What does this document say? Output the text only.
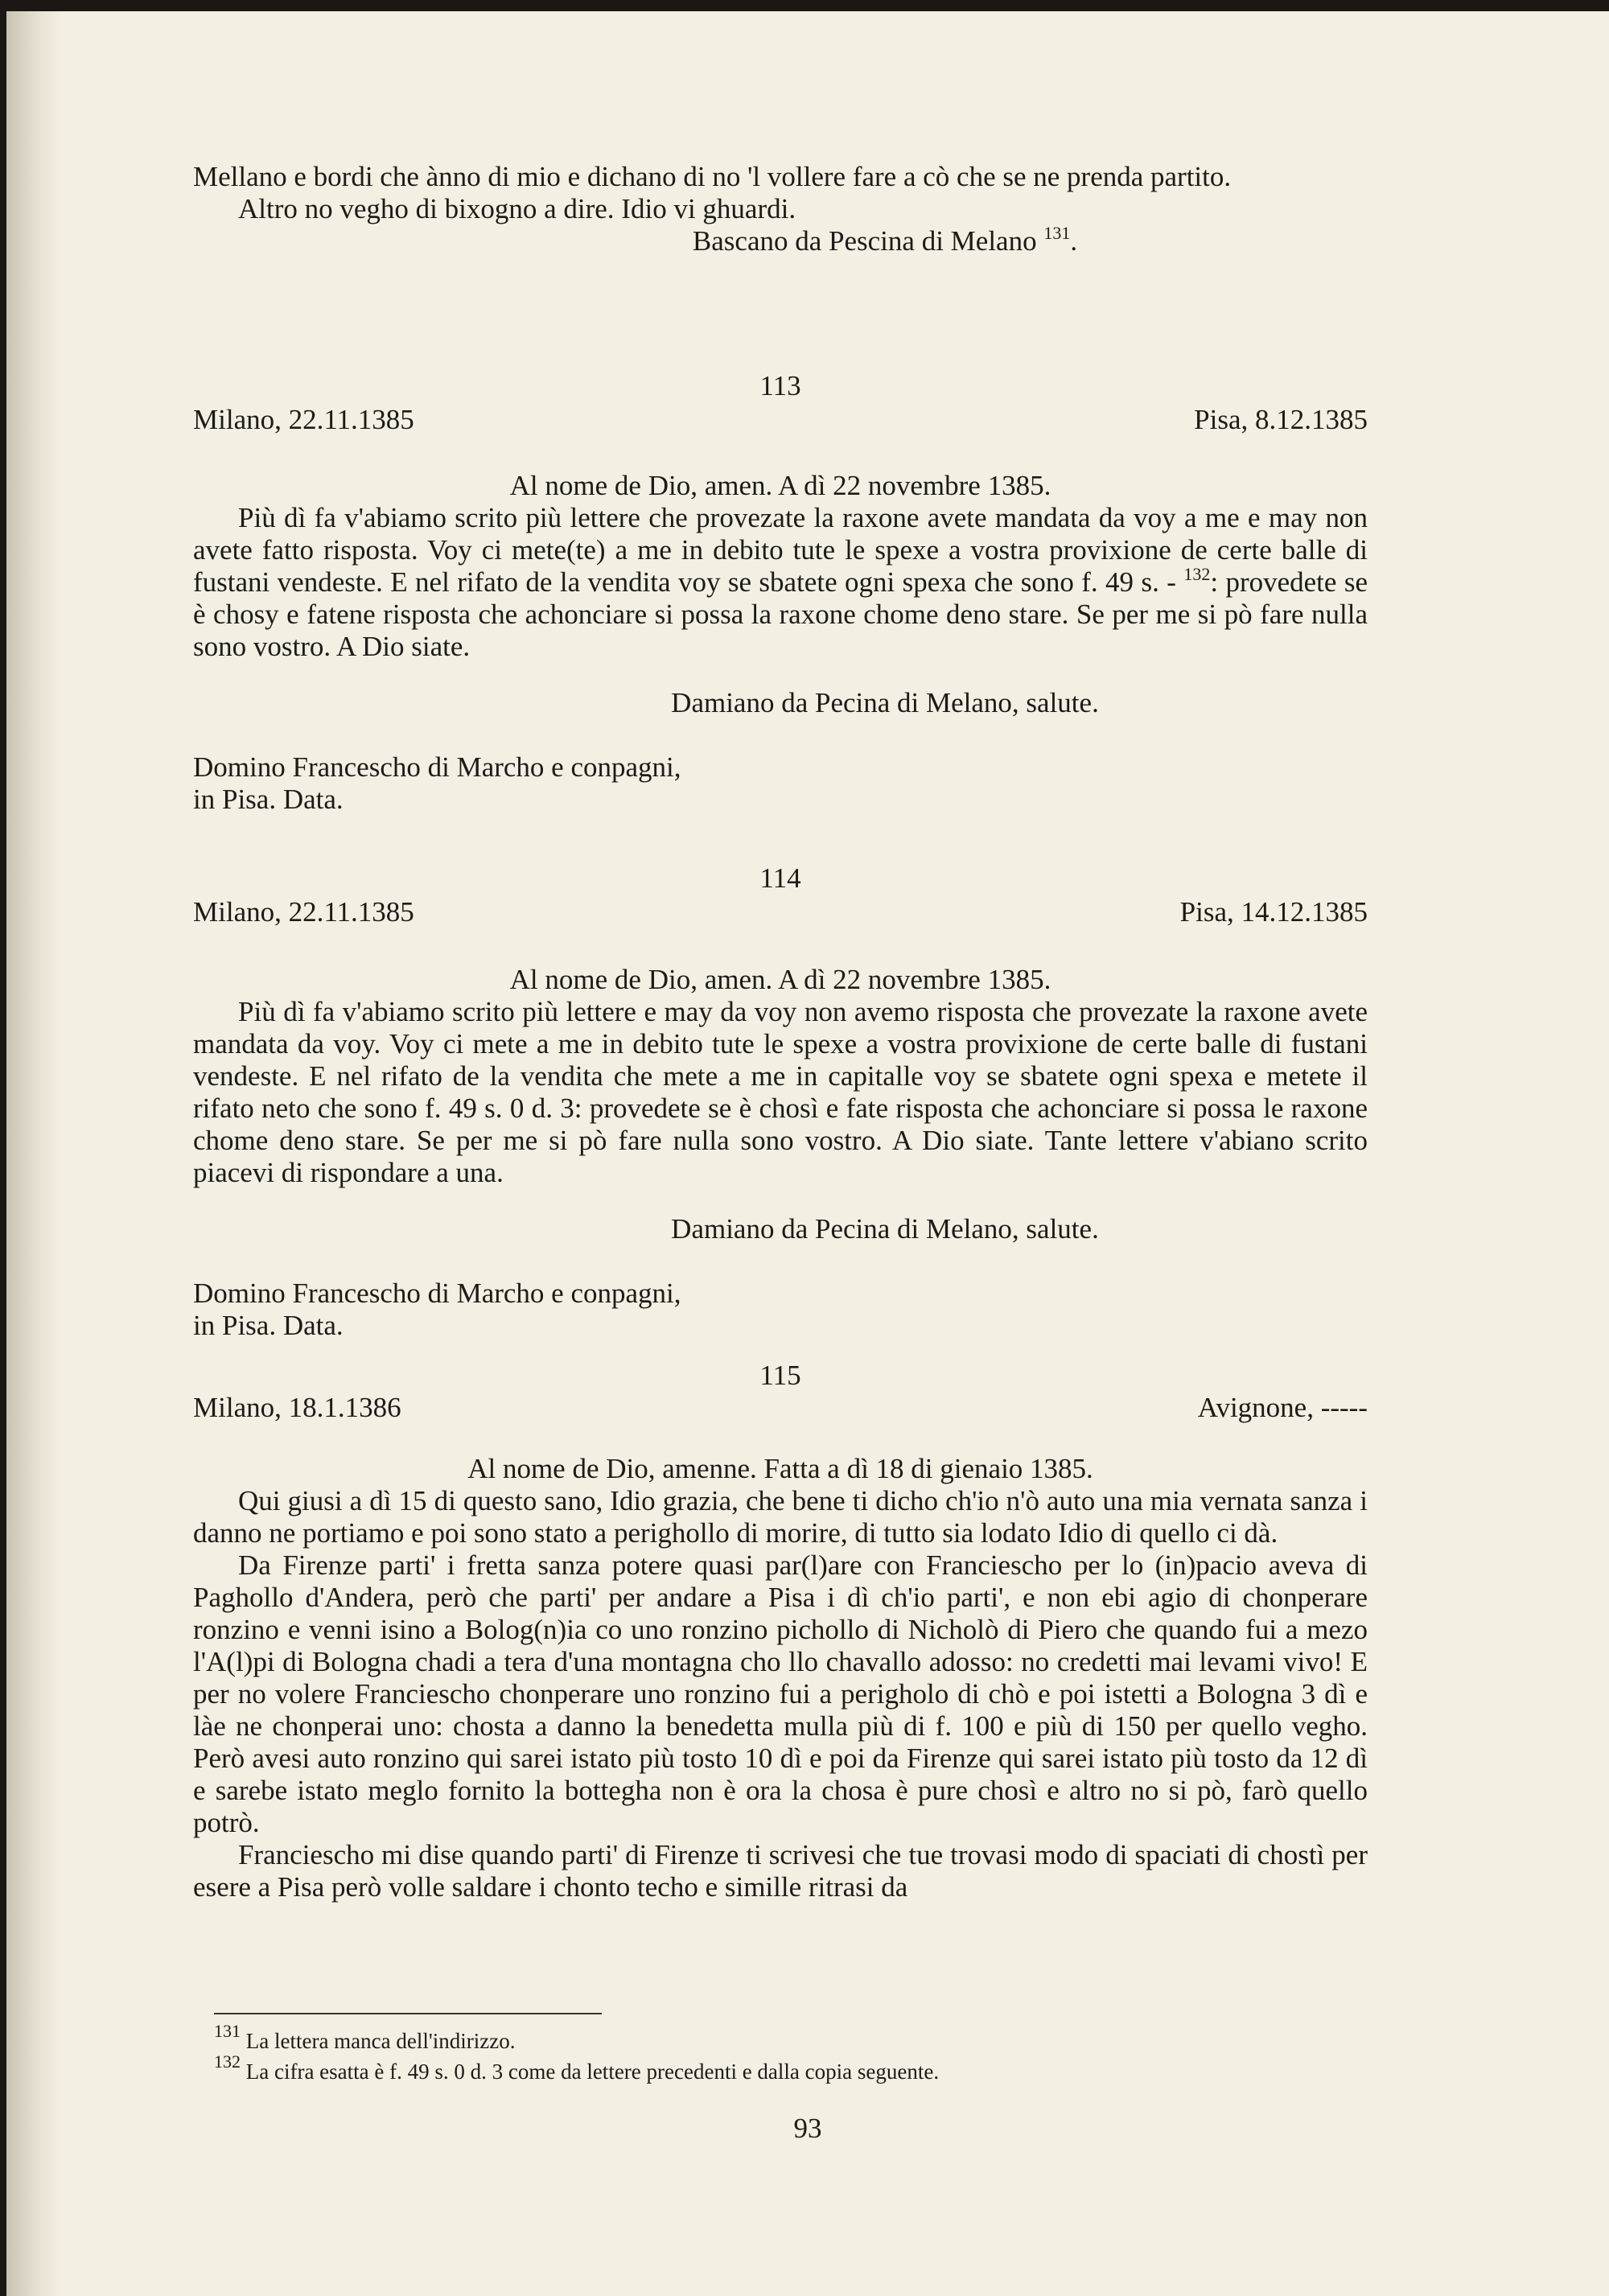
Mellano e bordi che ànno di mio e dichano di no 'l vollere fare a cò che se ne prenda partito.

Altro no vegho di bixogno a dire. Idio vi ghuardi.

Bascano da Pescina di Melano $^{131}$.

113
Milano, 22.11.1385	Pisa, 8.12.1385

Al nome de Dio, amen. A dì 22 novembre 1385.

Più dì fa v'abiamo scrito più lettere che provezate la raxone avete mandata da voy a me e may non avete fatto risposta. Voy ci mete(te) a me in debito tute le spexe a vostra provixione de certe balle di fustani vendeste. E nel rifato de la vendita voy se sbatete ogni spexa che sono f. 49 s. - $^{132}$: provedete se è chosy e fatene risposta che achonciare si possa la raxone chome deno stare. Se per me si pò fare nulla sono vostro. A Dio siate.

Damiano da Pecina di Melano, salute.

Domino Francescho di Marcho e conpagni,

in Pisa. Data.

114
Milano, 22.11.1385	Pisa, 14.12.1385

Al nome de Dio, amen. A dì 22 novembre 1385.

Più dì fa v'abiamo scrito più lettere e may da voy non avemo risposta che provezate la raxone avete mandata da voy. Voy ci mete a me in debito tute le spexe a vostra provixione de certe balle di fustani vendeste. E nel rifato de la vendita che mete a me in capitalle voy se sbatete ogni spexa e metete il rifato neto che sono f. 49 s. 0 d. 3: provedete se è chosì e fate risposta che achonciare si possa le raxone chome deno stare. Se per me si pò fare nulla sono vostro. A Dio siate. Tante lettere v'abiano scrito piacevi di rispondare a una.

Damiano da Pecina di Melano, salute.

Domino Francescho di Marcho e conpagni,

in Pisa. Data.

115
Milano, 18.1.1386	Avignone, -----

Al nome de Dio, amenne. Fatta a dì 18 di gienaio 1385.

Qui giusi a dì 15 di questo sano, Idio grazia, che bene ti dicho ch'io n'ò auto una mia vernata sanza i danno ne portiamo e poi sono stato a perighollo di morire, di tutto sia lodato Idio di quello ci dà.

Da Firenze parti' i fretta sanza potere quasi par(l)are con Franciescho per lo (in)pacio aveva di Paghollo d'Andera, però che parti' per andare a Pisa i dì ch'io parti', e non ebi agio di chonperare ronzino e venni isino a Bolog(n)ia co uno ronzino pichollo di Nicholò di Piero che quando fui a mezo l'A(l)pi di Bologna chadi a tera d'una montagna cho llo chavallo adosso: no credetti mai levami vivo! E per no volere Franciescho chonperare uno ronzino fui a perigholo di chò e poi istetti a Bologna 3 dì e làe ne chonperai uno: chosta a danno la benedetta mulla più di f. 100 e più di 150 per quello vegho. Però avesi auto ronzino qui sarei istato più tosto 10 dì e poi da Firenze qui sarei istato più tosto da 12 dì e sarebe istato meglo fornito la bottegha non è ora la chosa è pure chosì e altro no si pò, farò quello potrò.

Franciescho mi dise quando parti' di Firenze ti scrivesi che tue trovasi modo di spaciati di chostì per esere a Pisa però volle saldare i chonto techo e simille ritrasi da

$^{131}$ La lettera manca dell'indirizzo.
$^{132}$ La cifra esatta è f. 49 s. 0 d. 3 come da lettere precedenti e dalla copia seguente.
93
